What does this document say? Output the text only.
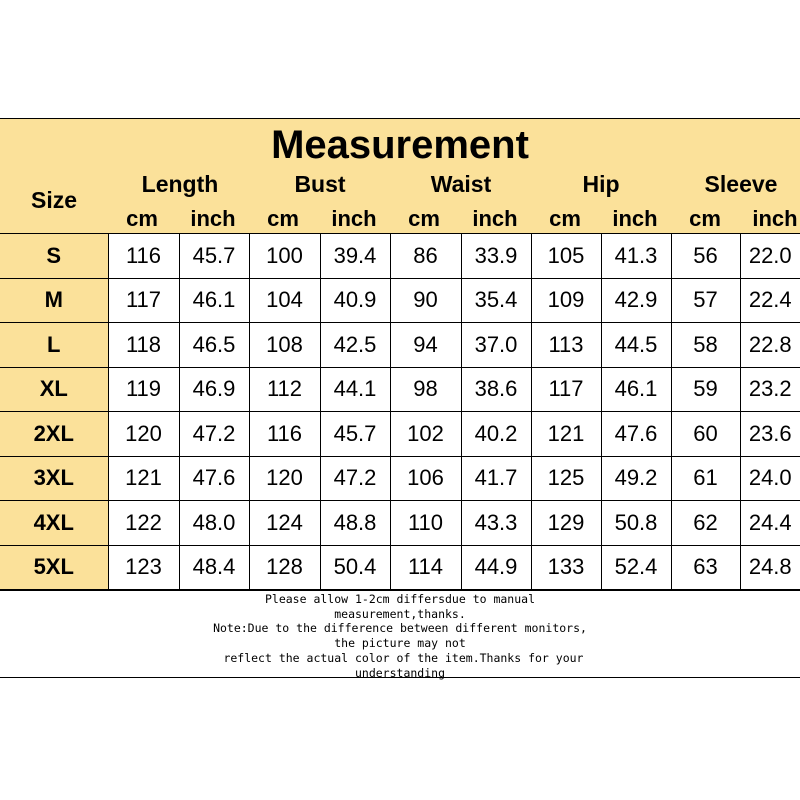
Measurement
Size
Length	Bust	Waist	Hip	Sleeve
cm	inch	cm	inch	cm	inch	cm	inch	cm	inch
S	116	45.7	100	39.4	86	33.9	105	41.3	56	22.0
M	117	46.1	104	40.9	90	35.4	109	42.9	57	22.4
L	118	46.5	108	42.5	94	37.0	113	44.5	58	22.8
XL	119	46.9	112	44.1	98	38.6	117	46.1	59	23.2
2XL	120	47.2	116	45.7	102	40.2	121	47.6	60	23.6
3XL	121	47.6	120	47.2	106	41.7	125	49.2	61	24.0
4XL	122	48.0	124	48.8	110	43.3	129	50.8	62	24.4
5XL	123	48.4	128	50.4	114	44.9	133	52.4	63	24.8
Please allow 1-2cm differsdue to manual
measurement,thanks.
Note:Due to the difference between different monitors,
the picture may not
reflect the actual color of the item.Thanks for your
understanding
